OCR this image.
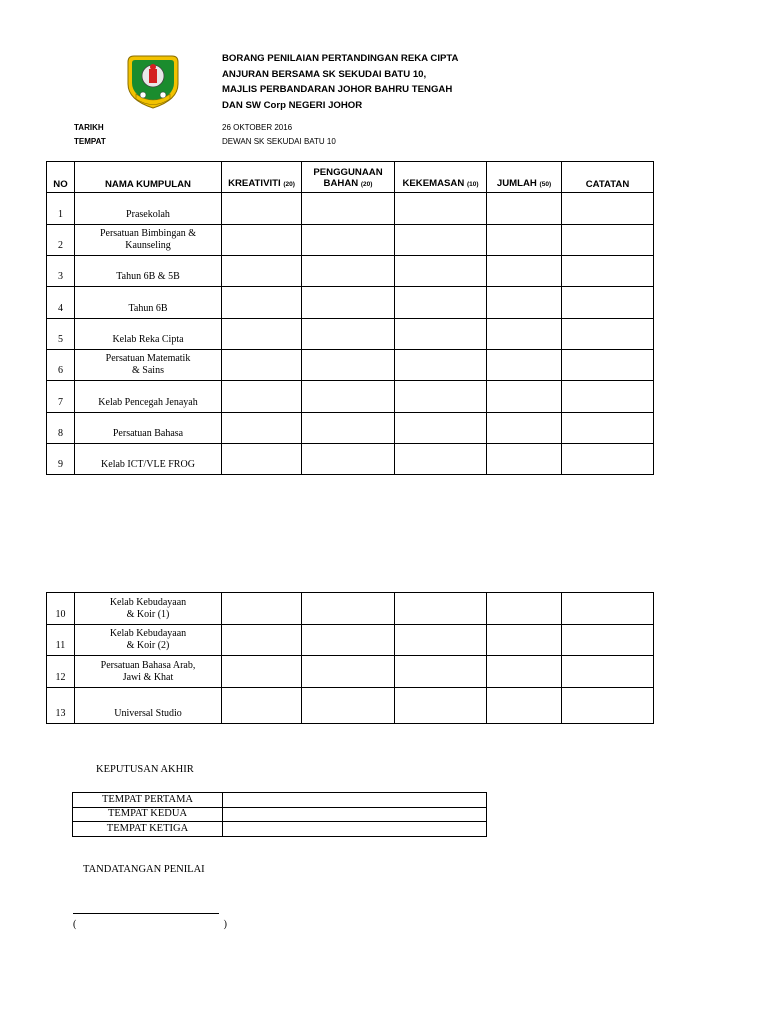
BORANG PENILAIAN PERTANDINGAN REKA CIPTA
ANJURAN BERSAMA SK SEKUDAI BATU 10,
MAJLIS PERBANDARAN JOHOR BAHRU TENGAH
DAN SW Corp NEGERI JOHOR
TARIKH	26 OKTOBER 2016
TEMPAT	DEWAN SK SEKUDAI BATU 10
NO	NAMA KUMPULAN	KREATIVITI (20)	PENGGUNAAN
BAHAN (20)	KEKEMASAN (10)	JUMLAH (50)	CATATAN
1	Prasekolah					

2	Persatuan Bimbingan &
Kaunseling					

3	Tahun 6B & 5B					

4	Tahun 6B					

5	Kelab Reka Cipta					

6	Persatuan Matematik
& Sains					

7	Kelab Pencegah Jenayah					

8	Persatuan Bahasa					

9	Kelab ICT/VLE FROG					

10	Kelab Kebudayaan
& Koir (1)					

11	Kelab Kebudayaan
& Koir (2)					

12	Persatuan Bahasa Arab,
Jawi & Khat					

13	Universal Studio					

KEPUTUSAN AKHIR
TEMPAT PERTAMA	
TEMPAT KEDUA	
TEMPAT KETIGA	
TANDATANGAN PENILAI
(	)
